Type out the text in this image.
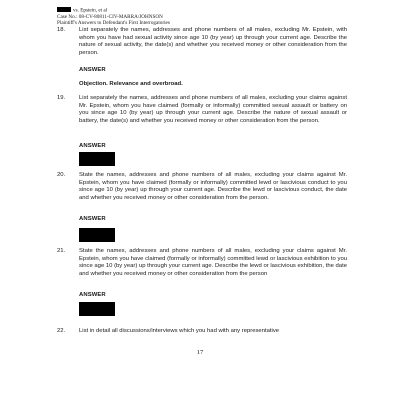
vs. Epstein, et al
Case No.: 08-CV-80811-CIV-MARRA/JOHNSON
Plaintiff's Answers to Defendant's First Interrogatories
18. List separately the names, addresses and phone numbers of all males, excluding Mr. Epstein, with whom you have had sexual activity since age 10 (by year) up through your current age. Describe the nature of sexual activity, the date(s) and whether you received money or other consideration from the person.
ANSWER
Objection. Relevance and overbroad.
19. List separately the names, addresses and phone numbers of all males, excluding your claims against Mr. Epstein, whom you have claimed (formally or informally) committed sexual assault or battery on you since age 10 (by year) up through your current age. Describe the nature of sexual assault or battery, the date(s) and whether you received money or other consideration from the person.
ANSWER
20. State the names, addresses and phone numbers of all males, excluding your claims against Mr. Epstein, whom you have claimed (formally or informally) committed lewd or lascivious conduct to you since age 10 (by year) up through your current age. Describe the lewd or lascivious conduct, the date and whether you received money or other consideration from the person.
ANSWER
21. State the names, addresses and phone numbers of all males, excluding your claims against Mr. Epstein, whom you have claimed (formally or informally) committed lewd or lascivious exhibition to you since age 10 (by year) up through your current age. Describe the lewd or lascivious exhibition, the date and whether you received money or other consideration from the person
ANSWER
22. List in detail all discussions/interviews which you had with any representative
17
